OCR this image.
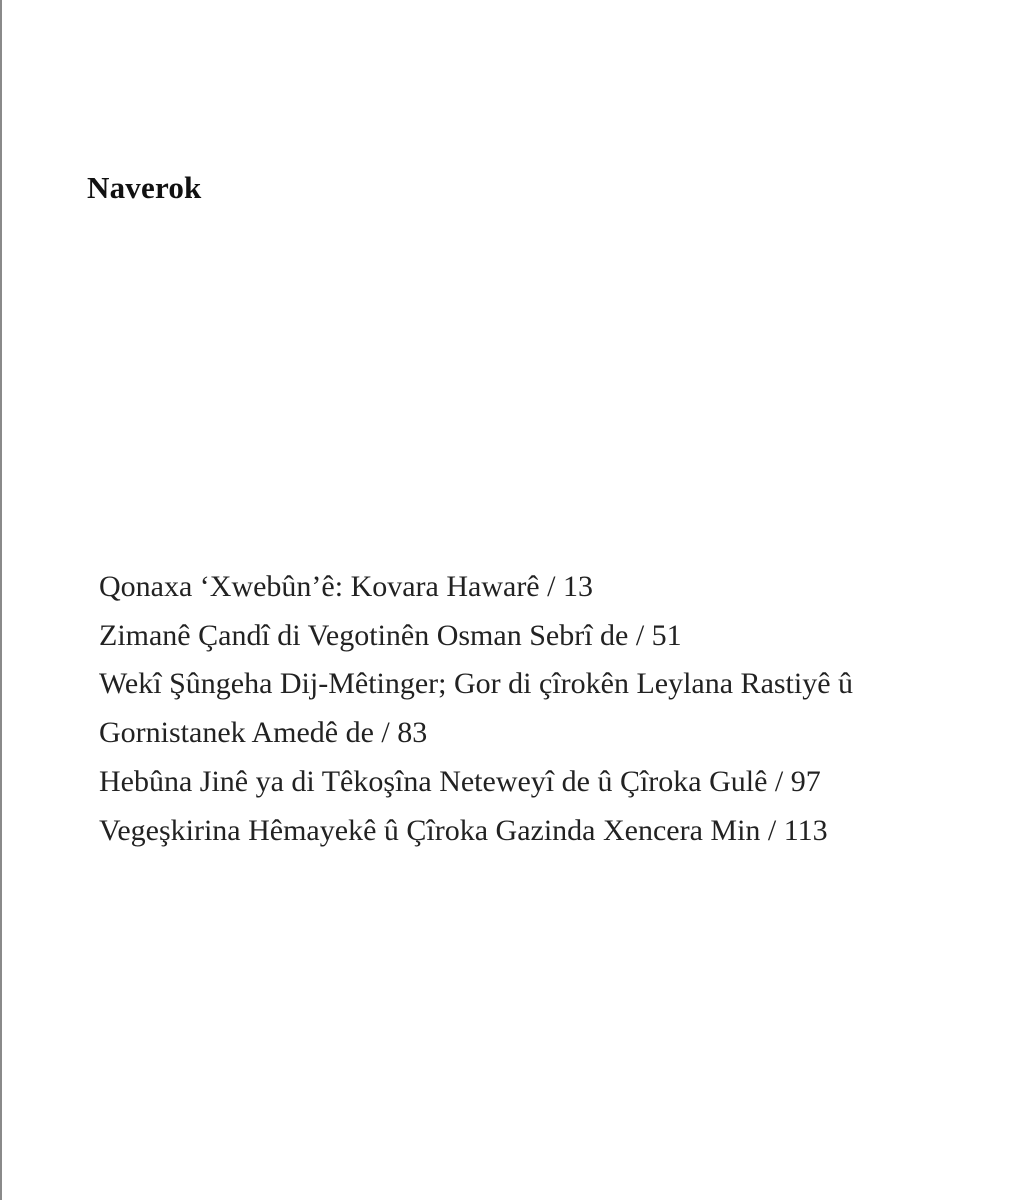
Naverok
Qonaxa ‘Xwebûn’ê: Kovara Hawarê / 13
Zimanê Çandî di Vegotinên Osman Sebrî de / 51
Wekî Şûngeha Dij-Mêtinger; Gor di çîrokên Leylana Rastiyê û
Gornistanek Amedê de / 83
Hebûna Jinê ya di Têkoşîna Neteweyî de û Çîroka Gulê / 97
Vegeşkirina Hêmayekê û Çîroka Gazinda Xencera Min / 113
